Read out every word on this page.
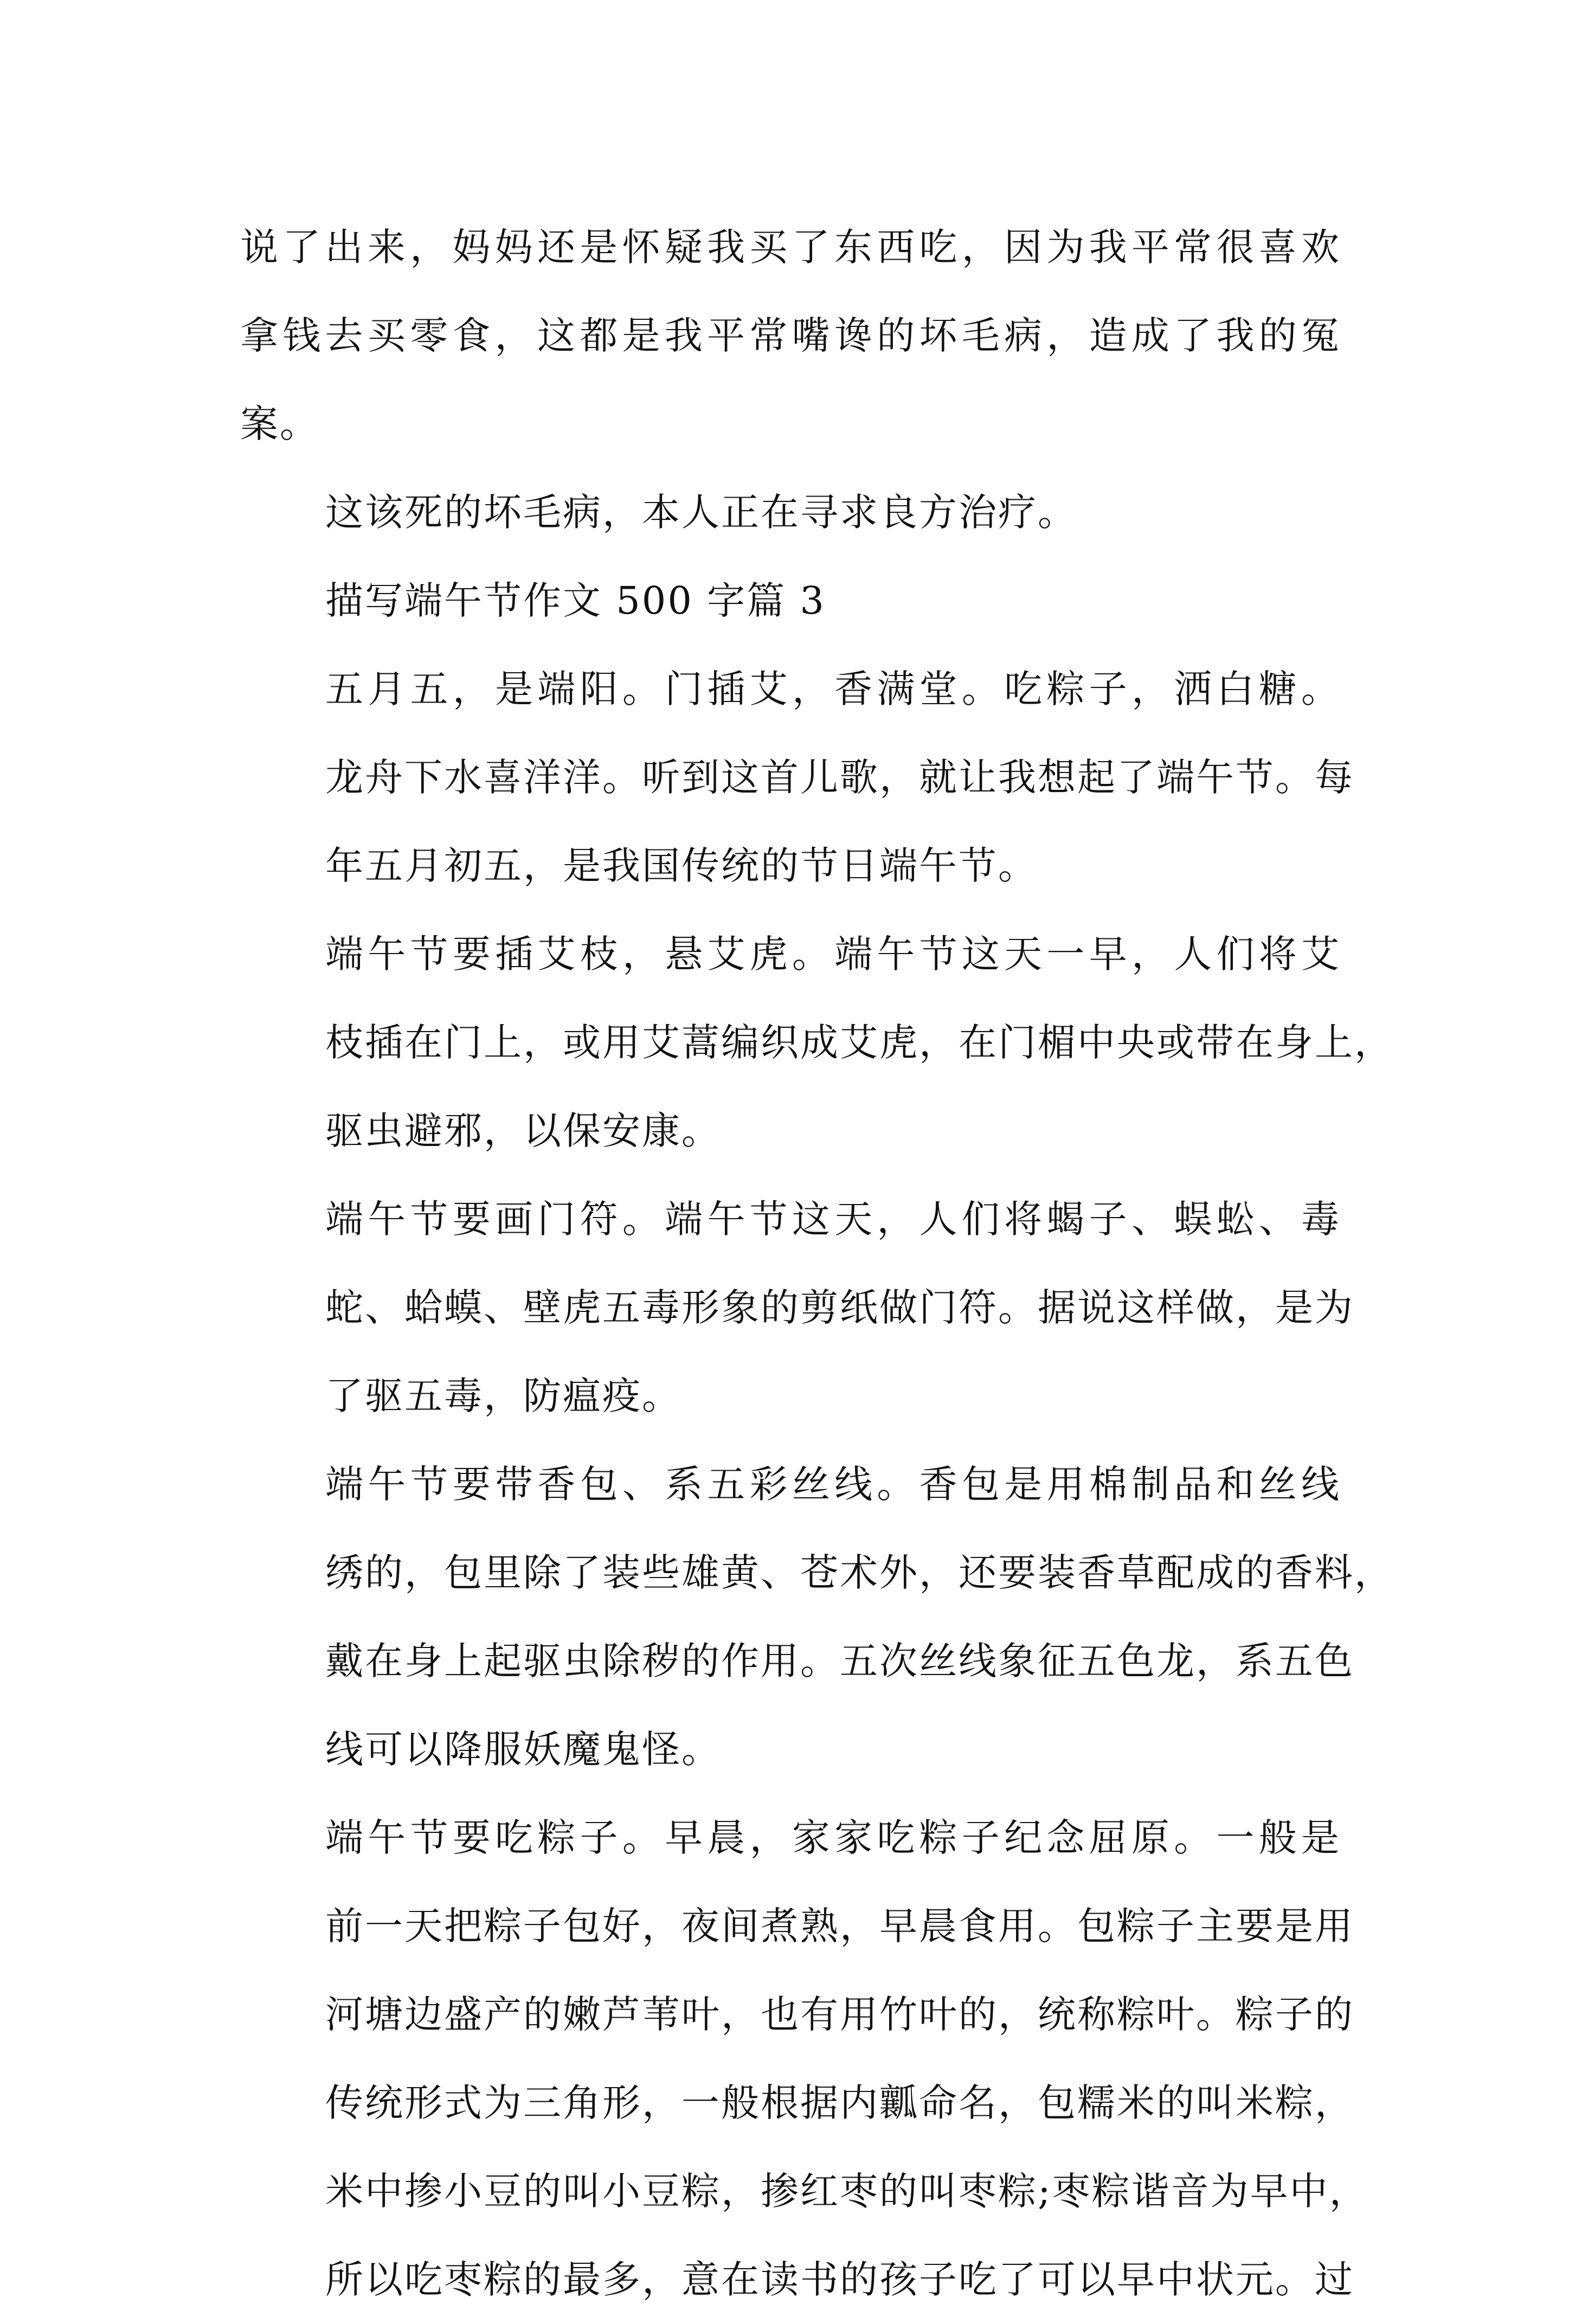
说了出来，妈妈还是怀疑我买了东西吃，因为我平常很喜欢
拿钱去买零食，这都是我平常嘴谗的坏毛病，造成了我的冤
案。
这该死的坏毛病，本人正在寻求良方治疗。
描写端午节作文 500 字篇 3
五月五，是端阳。门插艾，香满堂。吃粽子，洒白糖。
龙舟下水喜洋洋。听到这首儿歌，就让我想起了端午节。每
年五月初五，是我国传统的节日端午节。
端午节要插艾枝，悬艾虎。端午节这天一早，人们将艾
枝插在门上，或用艾蒿编织成艾虎，在门楣中央或带在身上，
驱虫避邪，以保安康。
端午节要画门符。端午节这天，人们将蝎子、蜈蚣、毒
蛇、蛤蟆、壁虎五毒形象的剪纸做门符。据说这样做，是为
了驱五毒，防瘟疫。
端午节要带香包、系五彩丝线。香包是用棉制品和丝线
绣的，包里除了装些雄黄、苍术外，还要装香草配成的香料，
戴在身上起驱虫除秽的作用。五次丝线象征五色龙，系五色
线可以降服妖魔鬼怪。
端午节要吃粽子。早晨，家家吃粽子纪念屈原。一般是
前一天把粽子包好，夜间煮熟，早晨食用。包粽子主要是用
河塘边盛产的嫩芦苇叶，也有用竹叶的，统称粽叶。粽子的
传统形式为三角形，一般根据内瓤命名，包糯米的叫米粽，
米中掺小豆的叫小豆粽，掺红枣的叫枣粽;枣粽谐音为早中，
所以吃枣粽的最多，意在读书的孩子吃了可以早中状元。过
